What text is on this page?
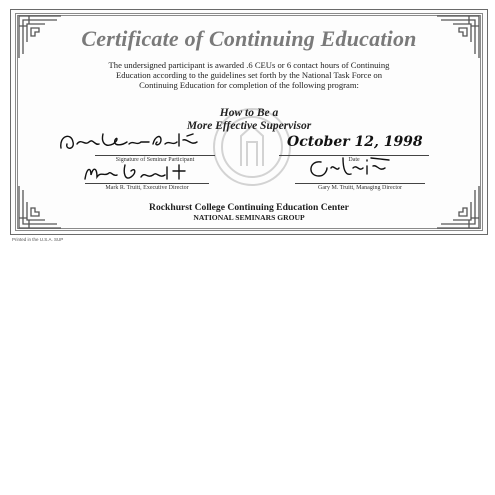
Certificate of Continuing Education
The undersigned participant is awarded .6 CEUs or 6 contact hours of Continuing
Education according to the guidelines set forth by the National Task Force on
Continuing Education for completion of the following program:
How to Be a
More Effective Supervisor
Signature of Seminar Participant
October 12, 1998
Date
Mark R. Truitt, Executive Director	Gary M. Truitt, Managing Director
Rockhurst College Continuing Education Center
NATIONAL SEMINARS GROUP
Printed in the U.S.A. SUP
